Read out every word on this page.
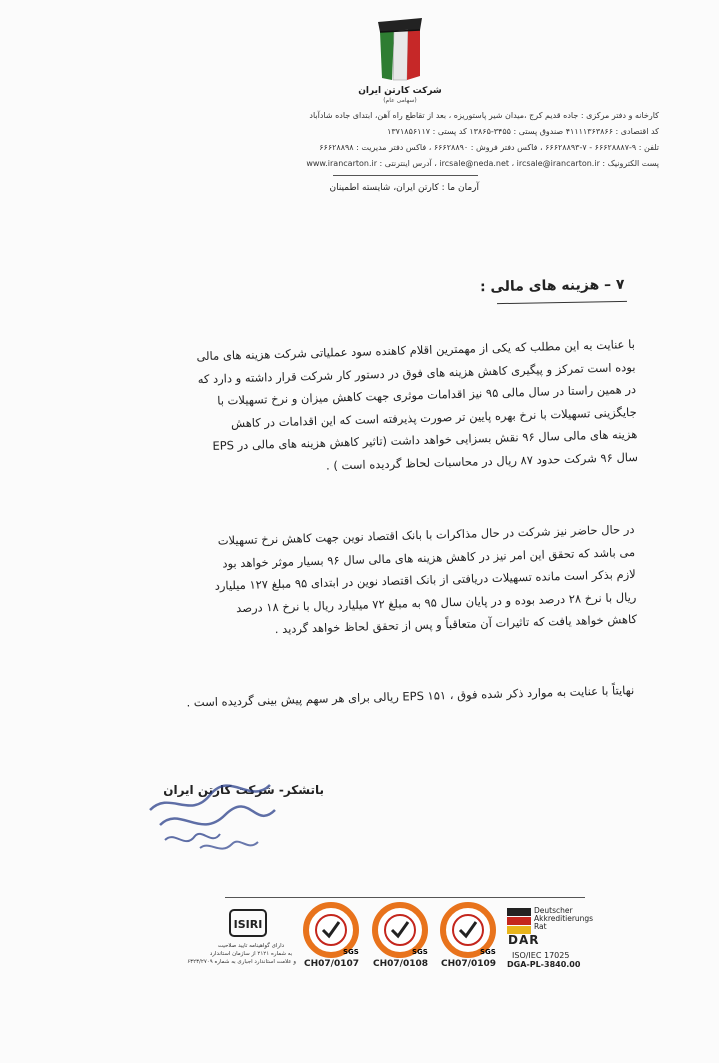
شرکت کارتن ایران
(سهامی عام)
کارخانه و دفتر مرکزی : جاده قدیم کرج ،میدان شیر پاستوریزه ، بعد از تقاطع راه آهن، ابتدای جاده شادآباد
کد اقتصادی : ۴۱۱۱۱۳۶۳۸۶۶ صندوق پستی : ۳۴۵۵-۱۳۸۶۵ کد پستی : ۱۳۷۱۸۵۶۱۱۷
تلفن : ۹-۶۶۶۲۸۸۸۷ - ۷-۶۶۶۲۸۸۹۳ ، فاکس دفتر فروش : ۶۶۶۲۸۸۹۰ ، فاکس دفتر مدیریت : ۶۶۶۲۸۸۹۸
پست الکترونیک : ircsale@neda.net ، ircsale@irancarton.ir ، آدرس اینترنتی : www.irancarton.ir
آرمان ما : کارتن ایران، شایسته اطمینان
۷ – هزینه های مالی :
با عنایت به این مطلب که یکی از مهمترین اقلام کاهنده سود عملیاتی شرکت هزینه های مالی
بوده است تمرکز و پیگیری کاهش هزینه های فوق در دستور کار شرکت قرار داشته و دارد که
در همین راستا در سال مالی ۹۵ نیز اقدامات موثری جهت کاهش میزان و نرخ تسهیلات با
جایگزینی تسهیلات با نرخ بهره پایین تر صورت پذیرفته است که این اقدامات در کاهش
هزینه های مالی سال ۹۶ نقش بسزایی خواهد داشت (تاثیر کاهش هزینه های مالی در EPS
سال ۹۶ شرکت حدود ۸۷ ریال در محاسبات لحاظ گردیده است ) .
در حال حاضر نیز شرکت در حال مذاکرات با بانک اقتصاد نوین جهت کاهش نرخ تسهیلات
می باشد که تحقق این امر نیز در کاهش هزینه های مالی سال ۹۶ بسیار موثر خواهد بود
لازم بذکر است مانده تسهیلات دریافتی از بانک اقتصاد نوین در ابتدای ۹۵ مبلغ ۱۲۷ میلیارد
ریال با نرخ ۲۸ درصد بوده و در پایان سال ۹۵ به مبلغ ۷۲ میلیارد ریال با نرخ ۱۸ درصد
کاهش خواهد یافت که تاثیرات آن متعاقباً و پس از تحقق لحاظ خواهد گردید .
نهایتاً با عنایت به موارد ذکر شده فوق ، EPS ۱۵۱ ریالی برای هر سهم پیش بینی گردیده است .
باتشکر- شرکت کارتن ایران
ISIRI
دارای گواهینامه تایید صلاحیت
به شماره ۲۱۲۱ از سازمان استاندارد
و علامت استاندارد اجباری به شماره ۶۳۲۳/۲۷۰۹
SGS
CH07/0107
SGS
CH07/0108
SGS
CH07/0109
Deutscher Akkreditierungs Rat
DAR
ISO/IEC 17025
DGA-PL-3840.00
